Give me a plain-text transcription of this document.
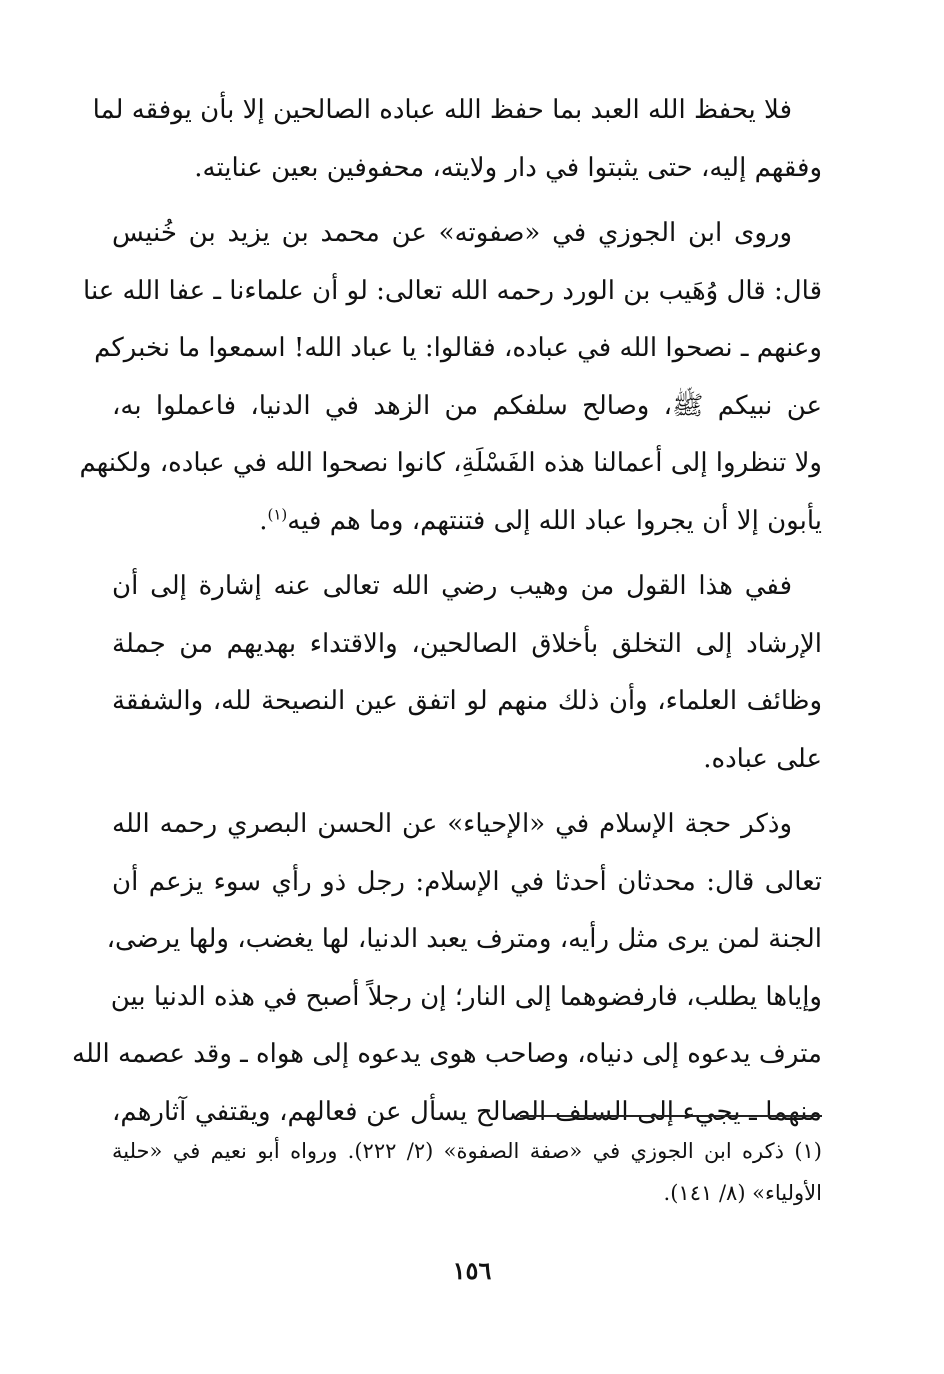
فلا يحفظ الله العبد بما حفظ الله عباده الصالحين إلا بأن يوفقه لما
وفقهم إليه، حتى يثبتوا في دار ولايته، محفوفين بعين عنايته.
وروى ابن الجوزي في «صفوته» عن محمد بن يزيد بن خُنيس
قال: قال وُهَيب بن الورد رحمه الله تعالى: لو أن علماءنا ـ عفا الله عنا
وعنهم ـ نصحوا الله في عباده، فقالوا: يا عباد الله! اسمعوا ما نخبركم
عن نبيكم ﷺ، وصالح سلفكم من الزهد في الدنيا، فاعملوا به،
ولا تنظروا إلى أعمالنا هذه الفَسْلَةِ، كانوا نصحوا الله في عباده، ولكنهم
يأبون إلا أن يجروا عباد الله إلى فتنتهم، وما هم فيه$^{(١)}$.
ففي هذا القول من وهيب رضي الله تعالى عنه إشارة إلى أن
الإرشاد إلى التخلق بأخلاق الصالحين، والاقتداء بهديهم من جملة
وظائف العلماء، وأن ذلك منهم لو اتفق عين النصيحة لله، والشفقة
على عباده.
وذكر حجة الإسلام في «الإحياء» عن الحسن البصري رحمه الله
تعالى قال: محدثان أحدثا في الإسلام: رجل ذو رأي سوء يزعم أن
الجنة لمن يرى مثل رأيه، ومترف يعبد الدنيا، لها يغضب، ولها يرضى،
وإياها يطلب، فارفضوهما إلى النار؛ إن رجلاً أصبح في هذه الدنيا بين
مترف يدعوه إلى دنياه، وصاحب هوى يدعوه إلى هواه ـ وقد عصمه الله
منهما ـ يجيء إلى السلف الصالح يسأل عن فعالهم، ويقتفي آثارهم،
(١) ذكره ابن الجوزي في «صفة الصفوة» (٢/ ٢٢٢). ورواه أبو نعيم في «حلية
الأولياء» (٨/ ١٤١).
١٥٦
